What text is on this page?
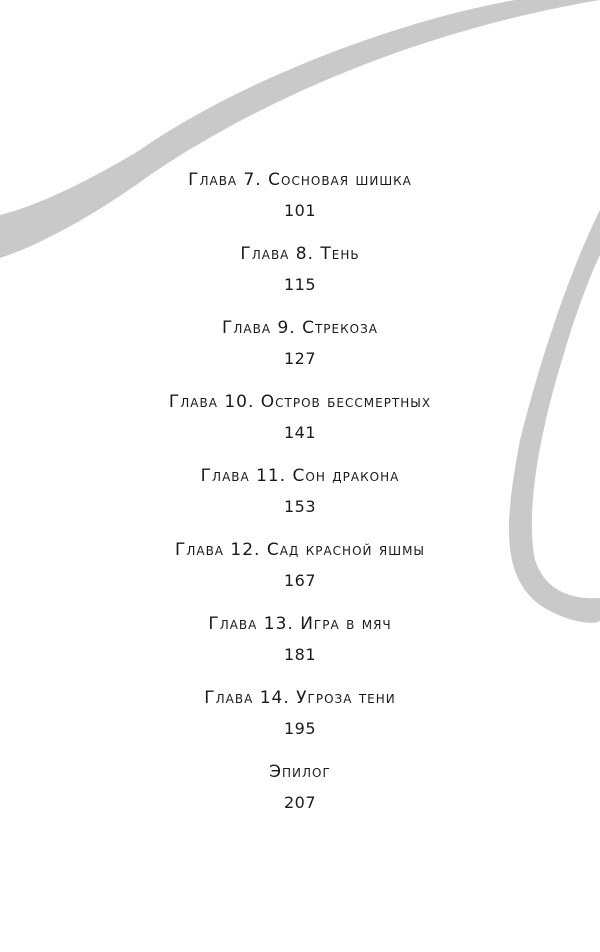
Глава 7. Сосновая шишка
101
Глава 8. Тень
115
Глава 9. Стрекоза
127
Глава 10. Остров бессмертных
141
Глава 11. Сон дракона
153
Глава 12. Сад красной яшмы
167
Глава 13. Игра в мяч
181
Глава 14. Угроза тени
195
Эпилог
207
